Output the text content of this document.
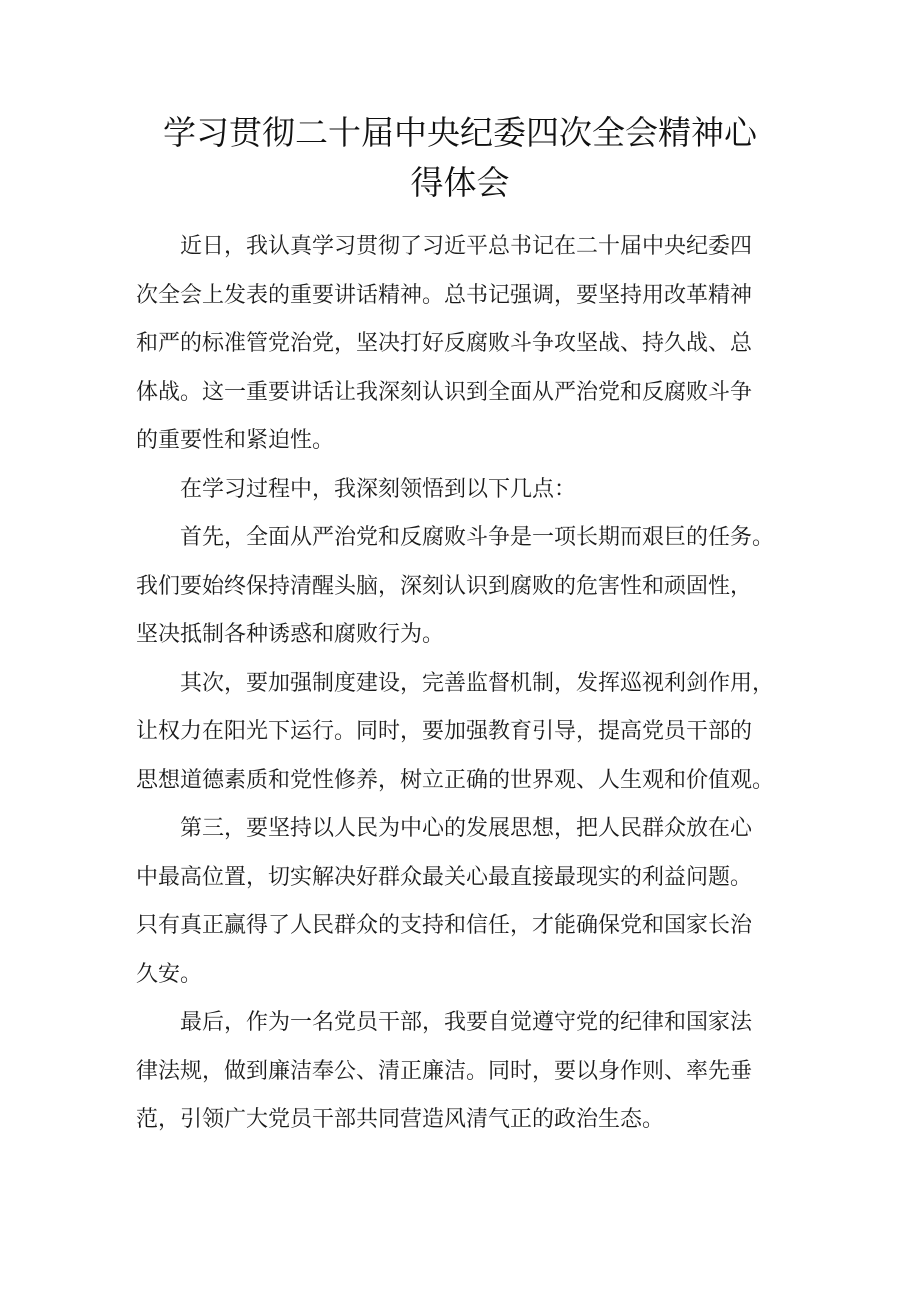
学习贯彻二十届中央纪委四次全会精神心
得体会
　　近日，我认真学习贯彻了习近平总书记在二十届中央纪委四
次全会上发表的重要讲话精神。总书记强调，要坚持用改革精神
和严的标准管党治党，坚决打好反腐败斗争攻坚战、持久战、总
体战。这一重要讲话让我深刻认识到全面从严治党和反腐败斗争
的重要性和紧迫性。
　　在学习过程中，我深刻领悟到以下几点：
　　首先，全面从严治党和反腐败斗争是一项长期而艰巨的任务。
我们要始终保持清醒头脑，深刻认识到腐败的危害性和顽固性，
坚决抵制各种诱惑和腐败行为。
　　其次，要加强制度建设，完善监督机制，发挥巡视利剑作用，
让权力在阳光下运行。同时，要加强教育引导，提高党员干部的
思想道德素质和党性修养，树立正确的世界观、人生观和价值观。
　　第三，要坚持以人民为中心的发展思想，把人民群众放在心
中最高位置，切实解决好群众最关心最直接最现实的利益问题。
只有真正赢得了人民群众的支持和信任，才能确保党和国家长治
久安。
　　最后，作为一名党员干部，我要自觉遵守党的纪律和国家法
律法规，做到廉洁奉公、清正廉洁。同时，要以身作则、率先垂
范，引领广大党员干部共同营造风清气正的政治生态。
